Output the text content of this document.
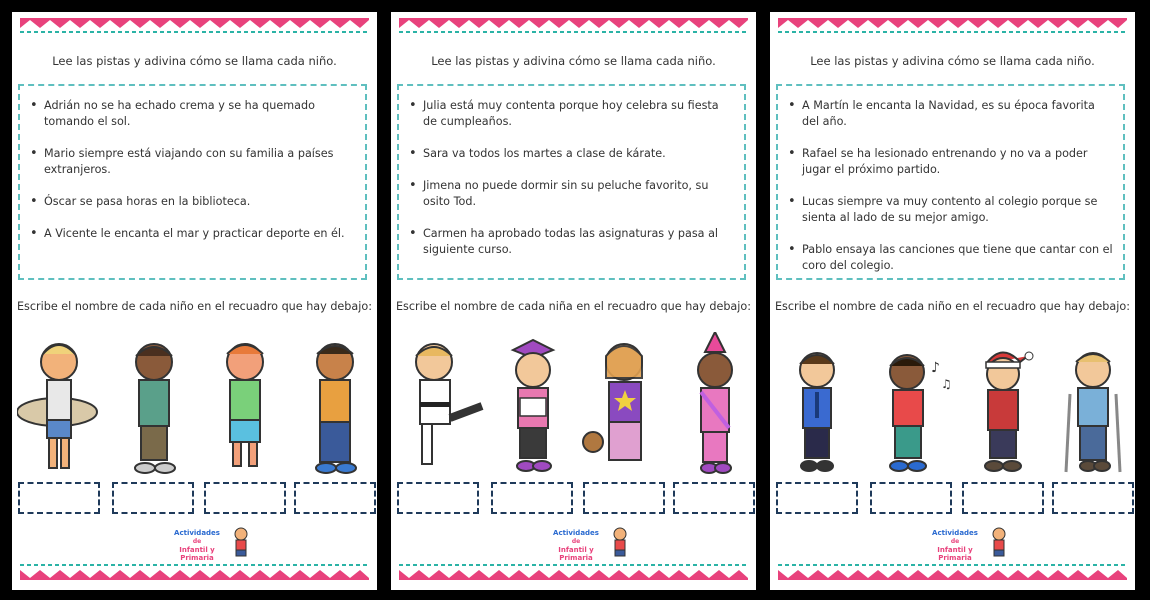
Lee las pistas y adivina cómo se llama cada niño.
• Adrián no se ha echado crema y se ha quemado tomando el sol.
• Mario siempre está viajando con su familia a países extranjeros.
• Óscar se pasa horas en la biblioteca.
• A Vicente le encanta el mar y practicar deporte en él.
Escribe el nombre de cada niño en el recuadro que hay debajo:
Actividades
de
Infantil y Primaria
Lee las pistas y adivina cómo se llama cada niño.
• Julia está muy contenta porque hoy celebra su fiesta de cumpleaños.
• Sara va todos los martes a clase de kárate.
• Jimena no puede dormir sin su peluche favorito, su osito Tod.
• Carmen ha aprobado todas las asignaturas y pasa al siguiente curso.
Escribe el nombre de cada niña en el recuadro que hay debajo:
Actividades
de
Infantil y Primaria
Lee las pistas y adivina cómo se llama cada niño.
• A Martín le encanta la Navidad, es su época favorita del año.
• Rafael se ha lesionado entrenando y no va a poder jugar el próximo partido.
• Lucas siempre va muy contento al colegio porque se sienta al lado de su mejor amigo.
• Pablo ensaya las canciones que tiene que cantar con el coro del colegio.
Escribe el nombre de cada niño en el recuadro que hay debajo:
♪
♫
Actividades
de
Infantil y Primaria
